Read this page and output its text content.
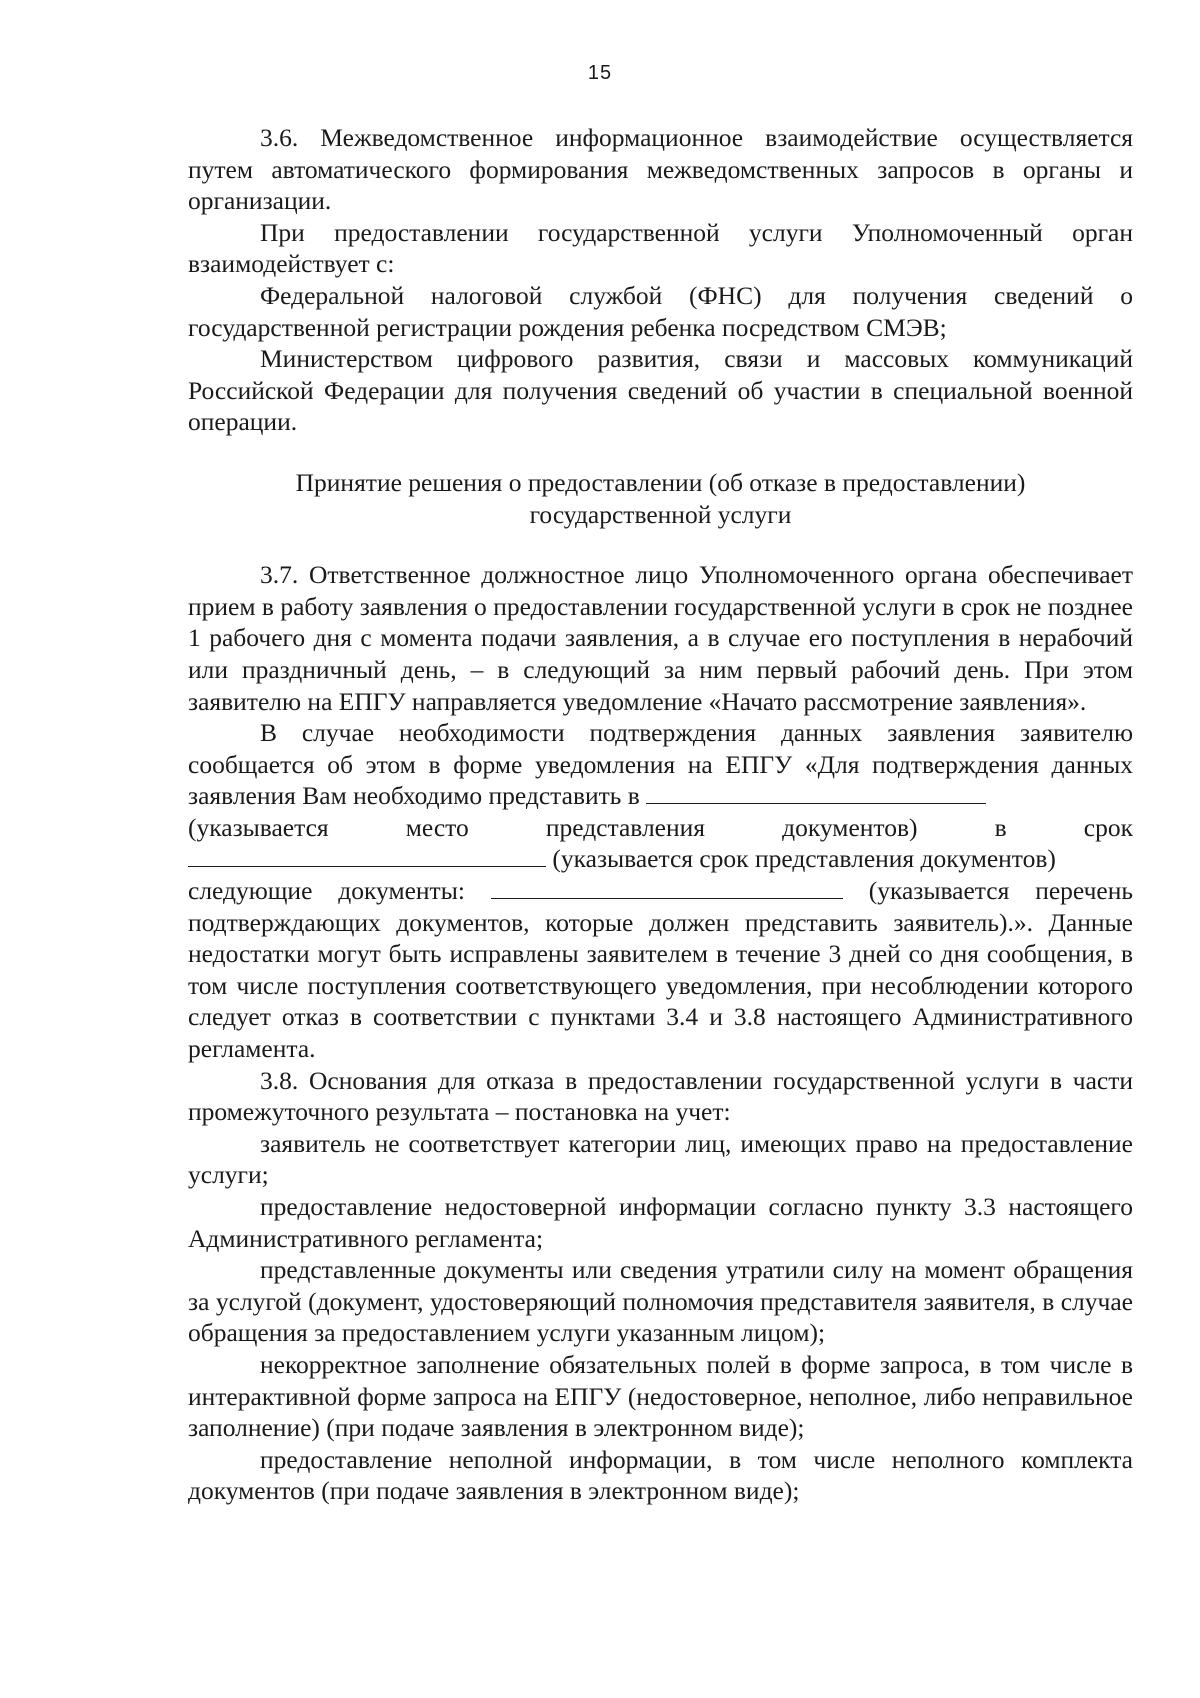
15

3.6. Межведомственное информационное взаимодействие осуществляется путем автоматического формирования межведомственных запросов в органы и организации.

При предоставлении государственной услуги Уполномоченный орган взаимодействует с:

Федеральной налоговой службой (ФНС) для получения сведений о государственной регистрации рождения ребенка посредством СМЭВ;

Министерством цифрового развития, связи и массовых коммуникаций Российской Федерации для получения сведений об участии в специальной военной операции.

Принятие решения о предоставлении (об отказе в предоставлении)

государственной услуги

3.7. Ответственное должностное лицо Уполномоченного органа обеспечивает прием в работу заявления о предоставлении государственной услуги в срок не позднее 1 рабочего дня с момента подачи заявления, а в случае его поступления в нерабочий или праздничный день, – в следующий за ним первый рабочий день. При этом заявителю на ЕПГУ направляется уведомление «Начато рассмотрение заявления».

В случае необходимости подтверждения данных заявления заявителю сообщается об этом в форме уведомления на ЕПГУ «Для подтверждения данных заявления Вам необходимо представить в

(указывается	место	представления	документов)	в	срок

(указывается срок представления документов)

следующие документы:	(указывается перечень подтверждающих документов, которые должен представить заявитель).». Данные недостатки могут быть исправлены заявителем в течение 3 дней со дня сообщения, в том числе поступления соответствующего уведомления, при несоблюдении которого следует отказ в соответствии с пунктами 3.4 и 3.8 настоящего Административного регламента.

3.8. Основания для отказа в предоставлении государственной услуги в части промежуточного результата – постановка на учет:

заявитель не соответствует категории лиц, имеющих право на предоставление услуги;

предоставление недостоверной информации согласно пункту 3.3 настоящего Административного регламента;

представленные документы или сведения утратили силу на момент обращения за услугой (документ, удостоверяющий полномочия представителя заявителя, в случае обращения за предоставлением услуги указанным лицом);

некорректное заполнение обязательных полей в форме запроса, в том числе в интерактивной форме запроса на ЕПГУ (недостоверное, неполное, либо неправильное заполнение) (при подаче заявления в электронном виде);

предоставление неполной информации, в том числе неполного комплекта документов (при подаче заявления в электронном виде);
